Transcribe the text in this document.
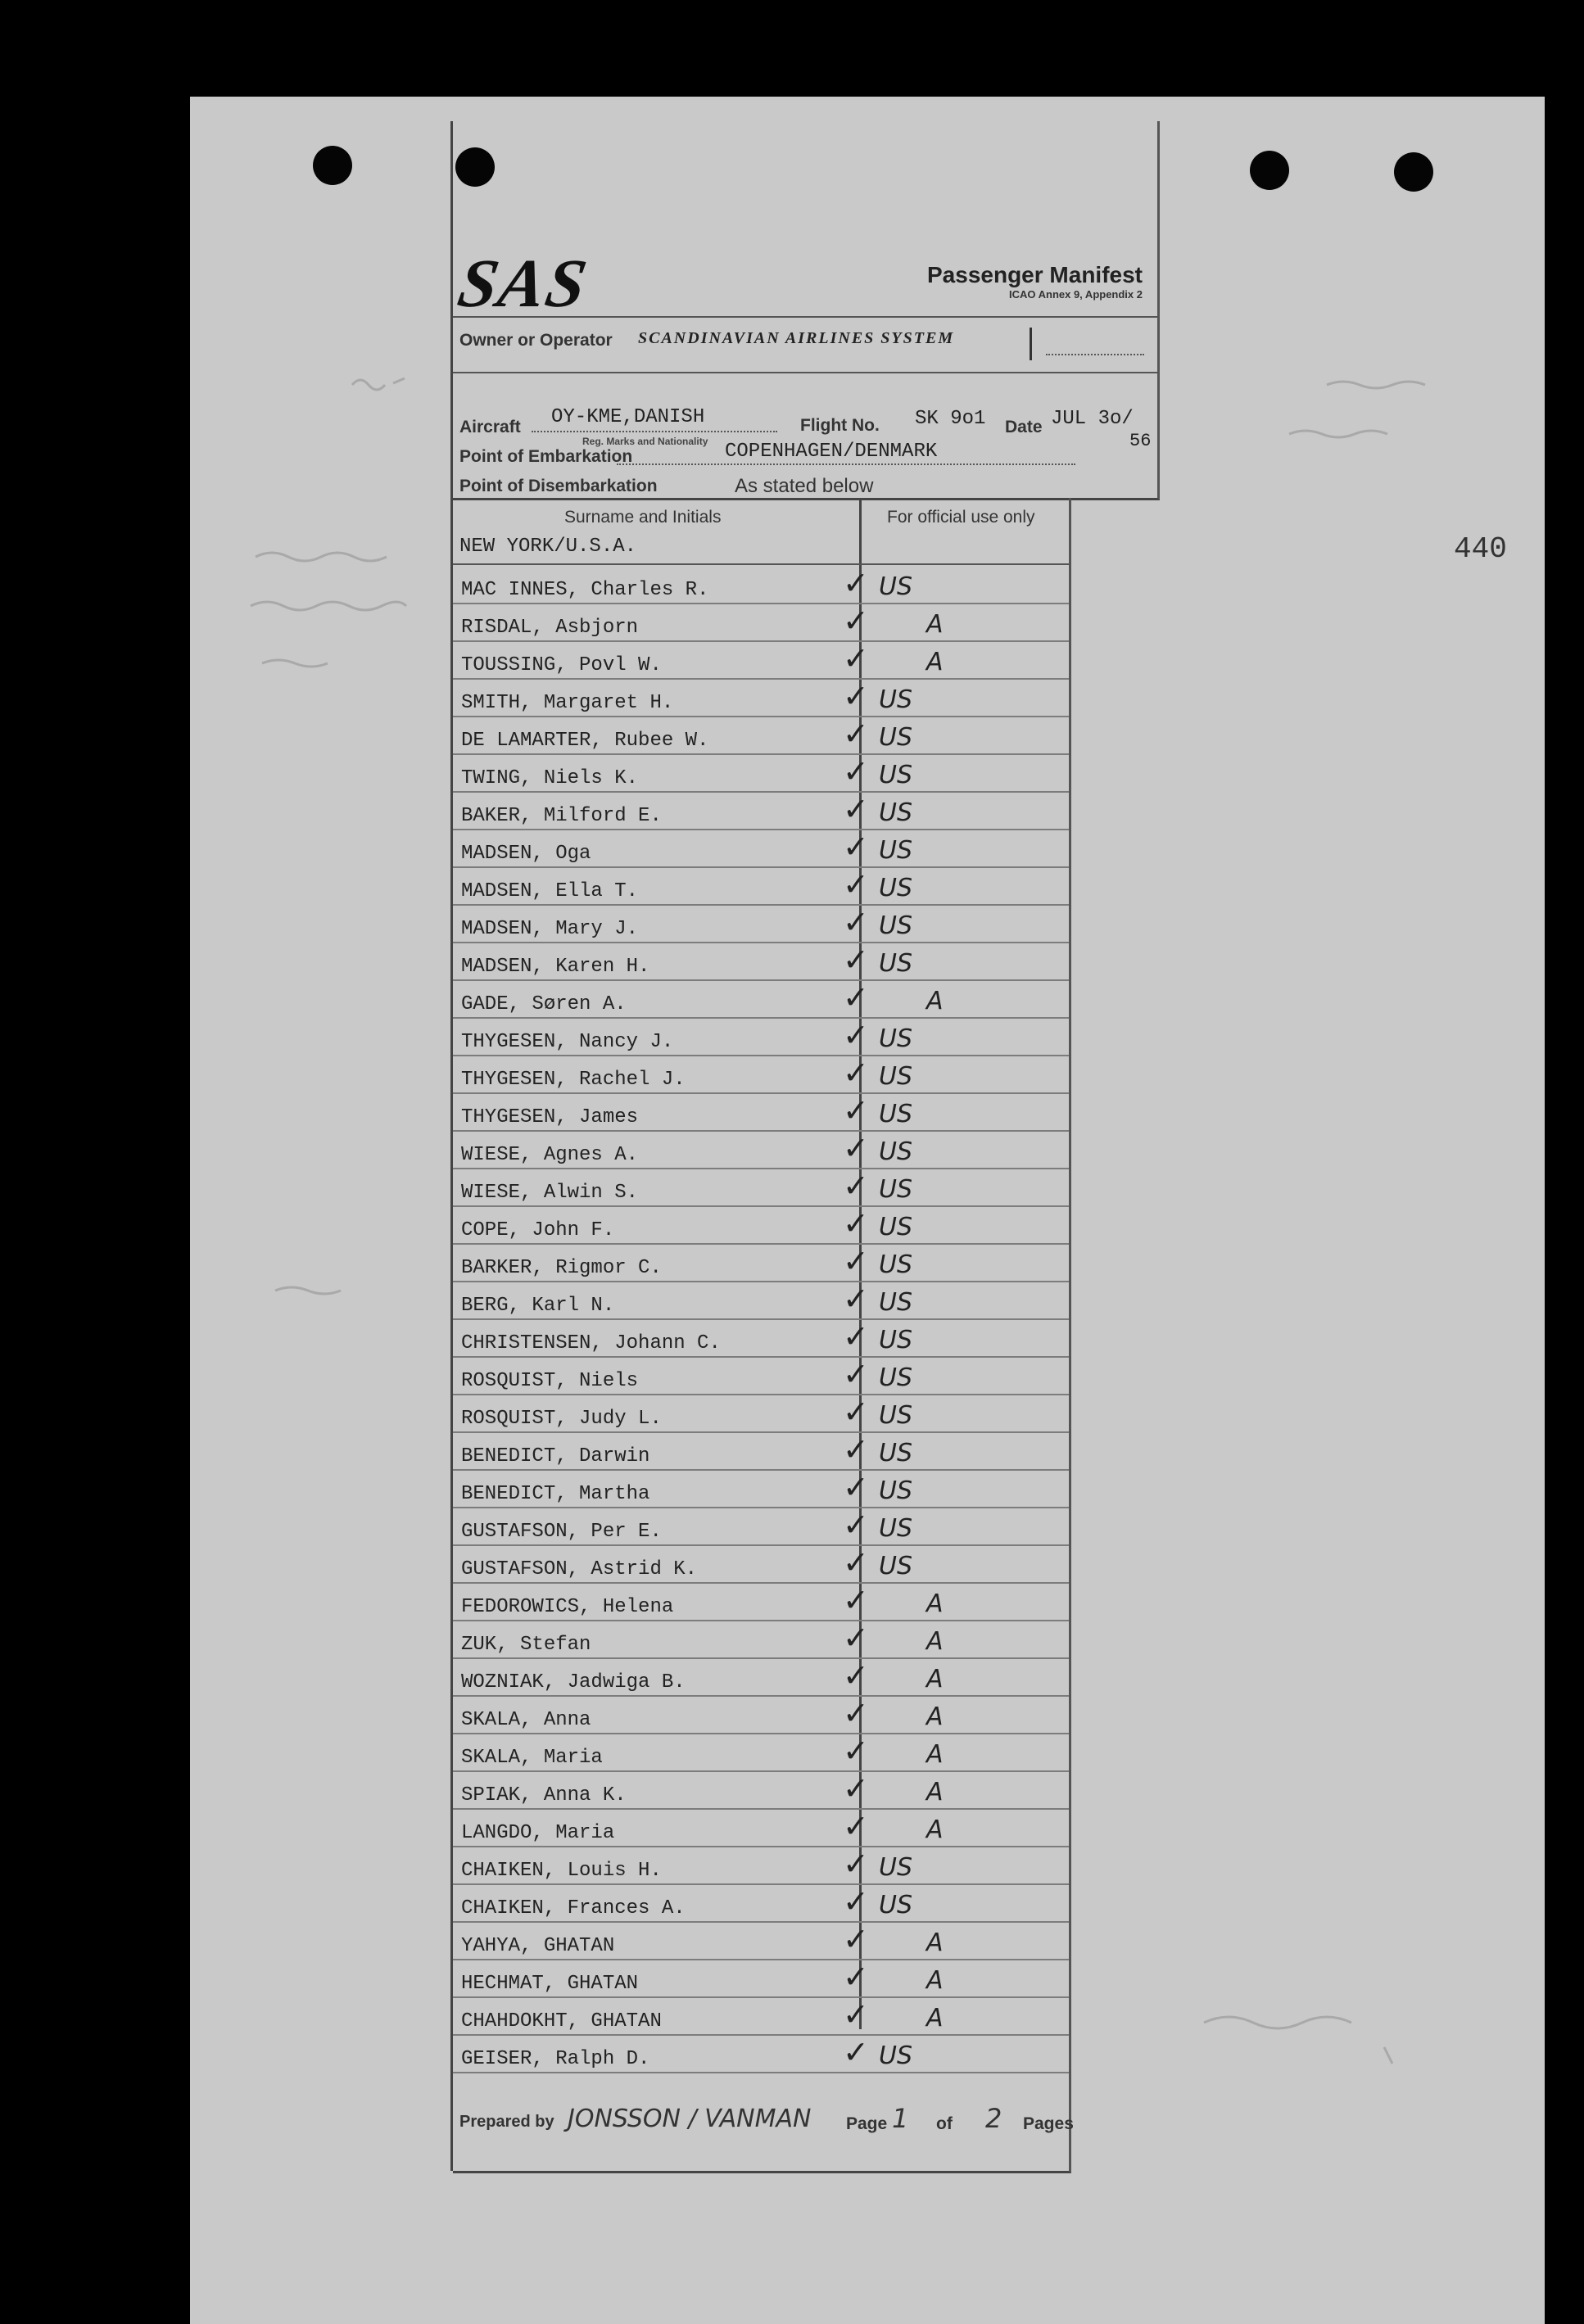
440
SAS	Passenger Manifest
ICAO Annex 9, Appendix 2
Owner or Operator SCANDINAVIAN AIRLINES SYSTEM
Aircraft OY-KME,DANISH
Reg. Marks and Nationality
Flight No. SK 9o1 Date JUL 3o/
56
Point of Embarkation	COPENHAGEN/DENMARK
Point of Disembarkation	As stated below
Surname and Initials	For official use only
NEW YORK/U.S.A.
MAC INNES, Charles R.	✓ US
RISDAL, Asbjorn	✓ A
TOUSSING, Povl W.	✓ A
SMITH, Margaret H.	✓ US
DE LAMARTER, Rubee W.	✓ US
TWING, Niels K.	✓ US
BAKER, Milford E.	✓ US
MADSEN, Oga	✓ US
MADSEN, Ella T.	✓ US
MADSEN, Mary J.	✓ US
MADSEN, Karen H.	✓ US
GADE, Søren A.	✓ A
THYGESEN, Nancy J.	✓ US
THYGESEN, Rachel J.	✓ US
THYGESEN, James	✓ US
WIESE, Agnes A.	✓ US
WIESE, Alwin S.	✓ US
COPE, John F.	✓ US
BARKER, Rigmor C.	✓ US
BERG, Karl N.	✓ US
CHRISTENSEN, Johann C.	✓ US
ROSQUIST, Niels	✓ US
ROSQUIST, Judy L.	✓ US
BENEDICT, Darwin	✓ US
BENEDICT, Martha	✓ US
GUSTAFSON, Per E.	✓ US
GUSTAFSON, Astrid K.	✓ US
FEDOROWICS, Helena	✓ A
ZUK, Stefan	✓ A
WOZNIAK, Jadwiga B.	✓ A
SKALA, Anna	✓ A
SKALA, Maria	✓ A
SPIAK, Anna K.	✓ A
LANGDO, Maria	✓ A
CHAIKEN, Louis H.	✓ US
CHAIKEN, Frances A.	✓ US
YAHYA, GHATAN	✓ A
HECHMAT, GHATAN	✓ A
CHAHDOKHT, GHATAN	✓ A
GEISER, Ralph D.	✓ US
Prepared by JONSSON / VANMAN Page 1 of 2 Pages
